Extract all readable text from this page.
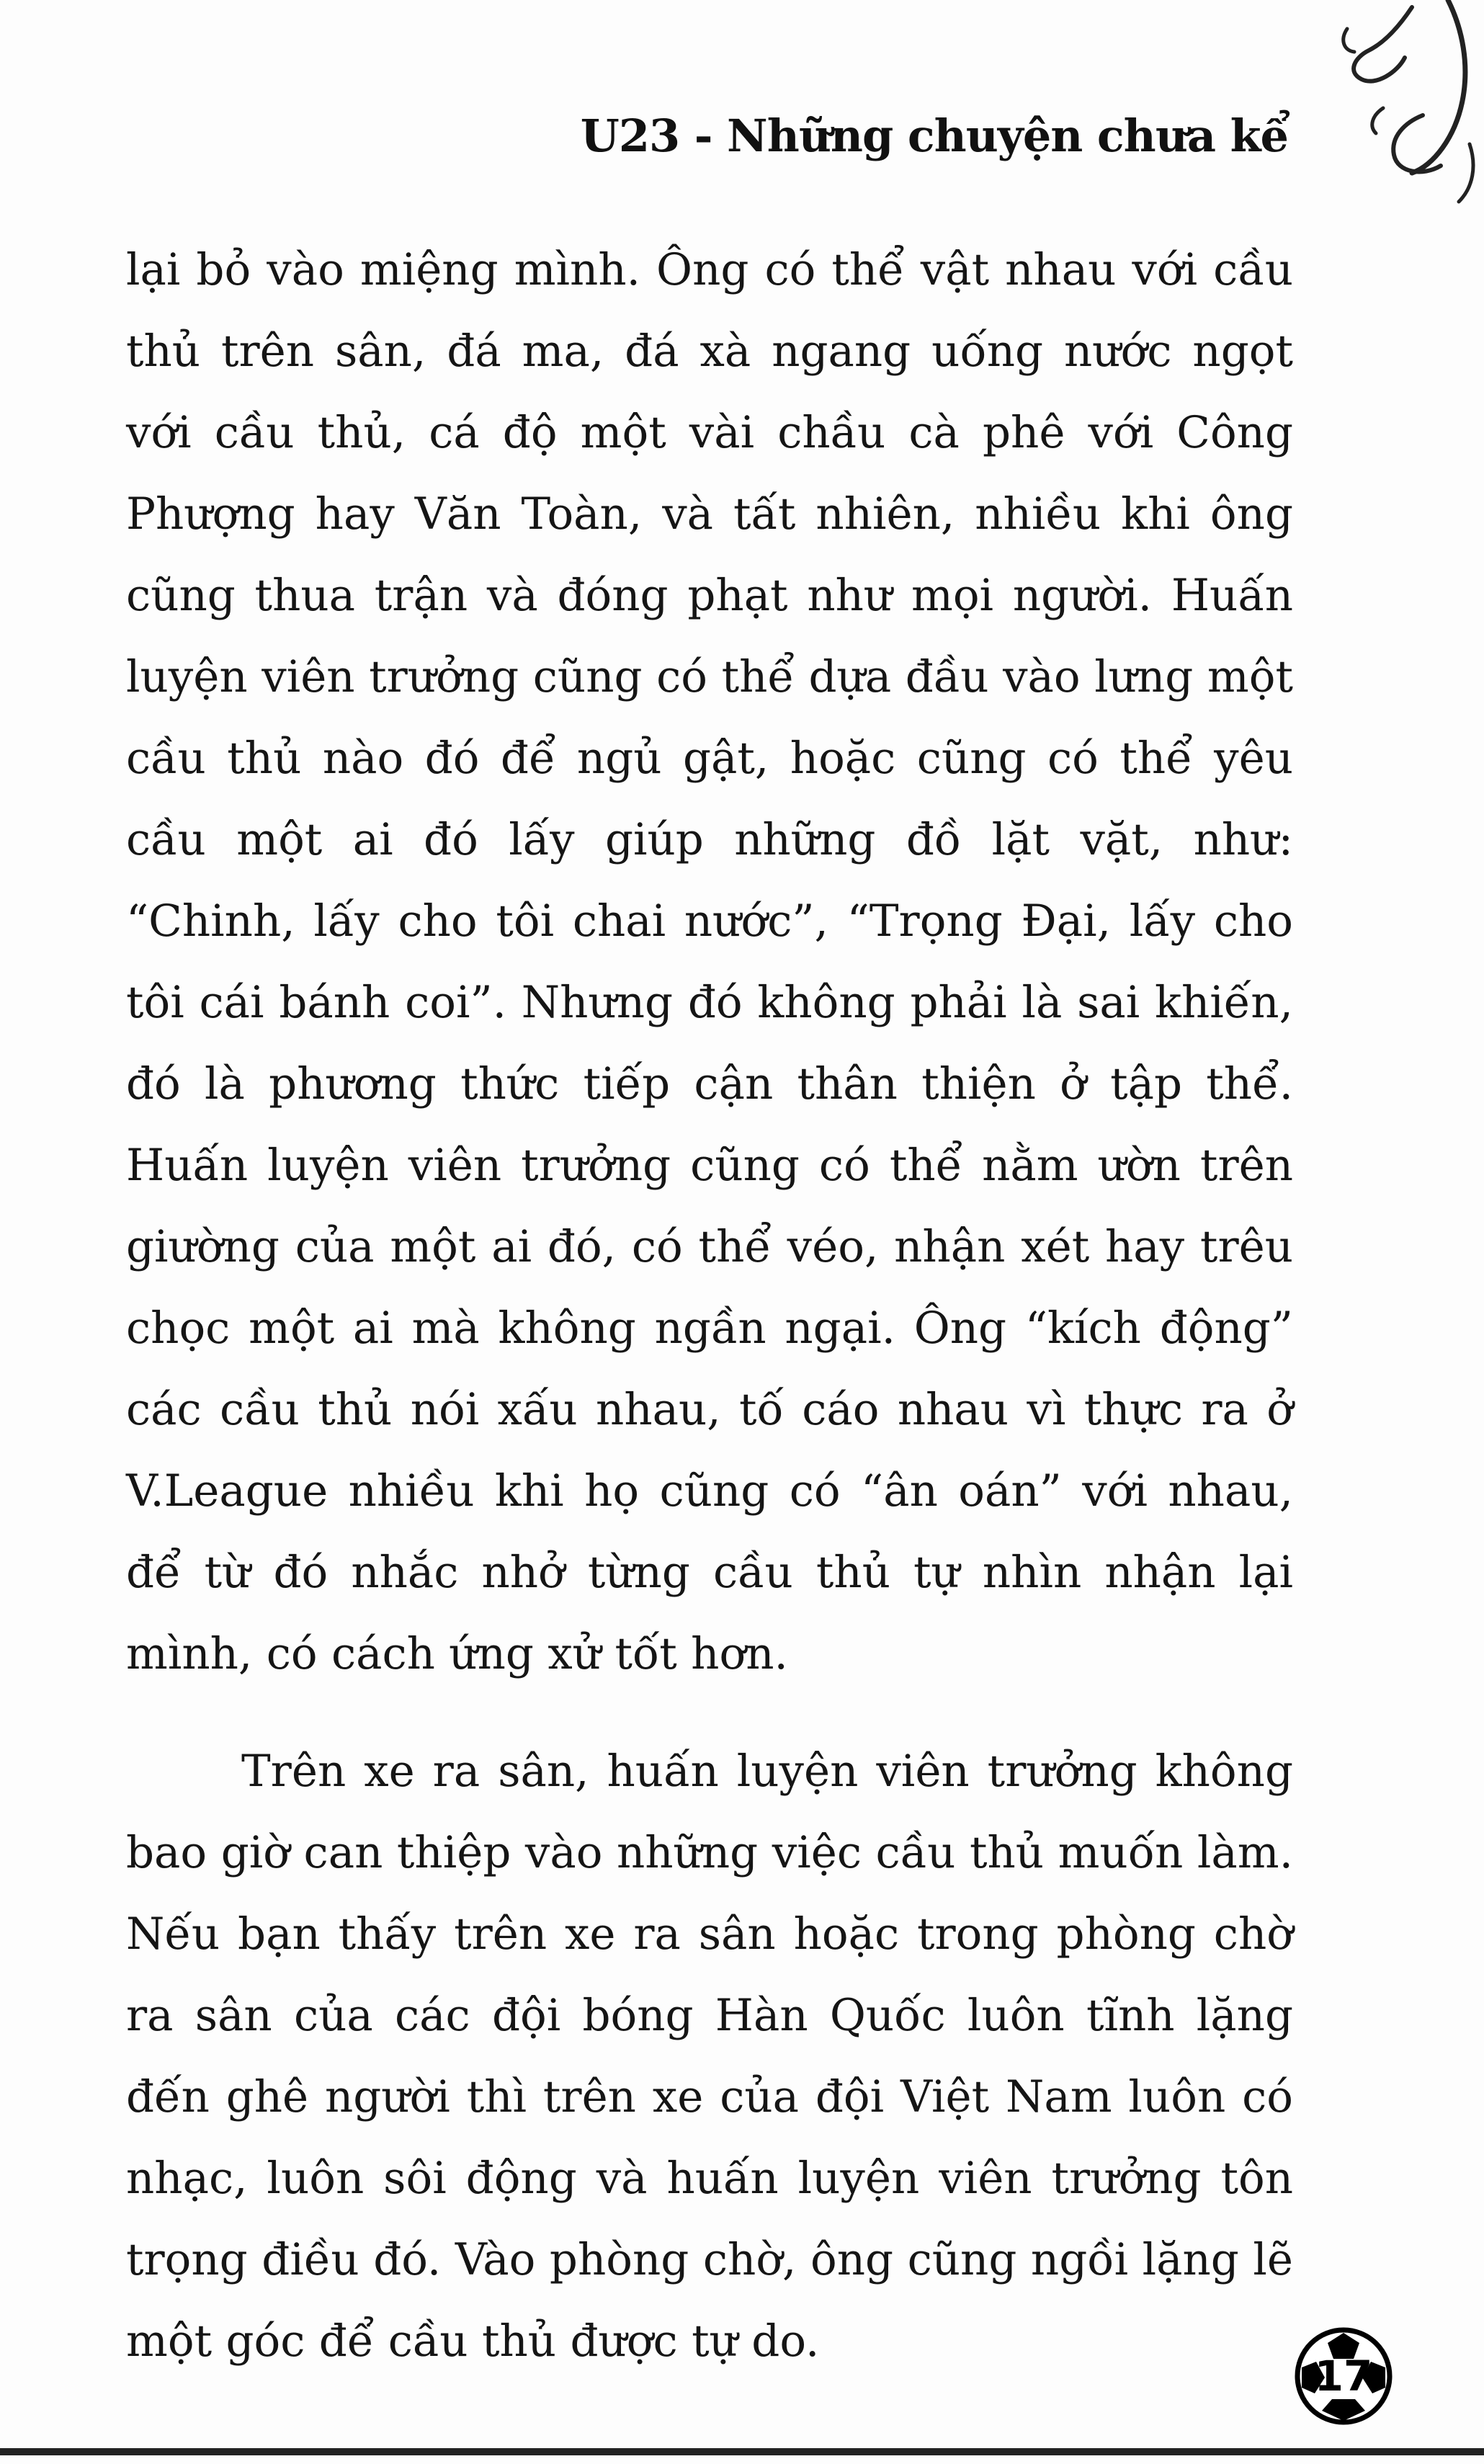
U23 - Những chuyện chưa kể

lại bỏ vào miệng mình. Ông có thể vật nhau với cầu thủ trên sân, đá ma, đá xà ngang uống nước ngọt với cầu thủ, cá độ một vài chầu cà phê với Công Phượng hay Văn Toàn, và tất nhiên, nhiều khi ông cũng thua trận và đóng phạt như mọi người. Huấn luyện viên trưởng cũng có thể dựa đầu vào lưng một cầu thủ nào đó để ngủ gật, hoặc cũng có thể yêu cầu một ai đó lấy giúp những đồ lặt vặt, như: “Chinh, lấy cho tôi chai nước”, “Trọng Đại, lấy cho tôi cái bánh coi”. Nhưng đó không phải là sai khiến, đó là phương thức tiếp cận thân thiện ở tập thể. Huấn luyện viên trưởng cũng có thể nằm ườn trên giường của một ai đó, có thể véo, nhận xét hay trêu chọc một ai mà không ngần ngại. Ông “kích động” các cầu thủ nói xấu nhau, tố cáo nhau vì thực ra ở V.League nhiều khi họ cũng có “ân oán” với nhau, để từ đó nhắc nhở từng cầu thủ tự nhìn nhận lại mình, có cách ứng xử tốt hơn.

Trên xe ra sân, huấn luyện viên trưởng không bao giờ can thiệp vào những việc cầu thủ muốn làm. Nếu bạn thấy trên xe ra sân hoặc trong phòng chờ ra sân của các đội bóng Hàn Quốc luôn tĩnh lặng đến ghê người thì trên xe của đội Việt Nam luôn có nhạc, luôn sôi động và huấn luyện viên trưởng tôn trọng điều đó. Vào phòng chờ, ông cũng ngồi lặng lẽ một góc để cầu thủ được tự do.

17
